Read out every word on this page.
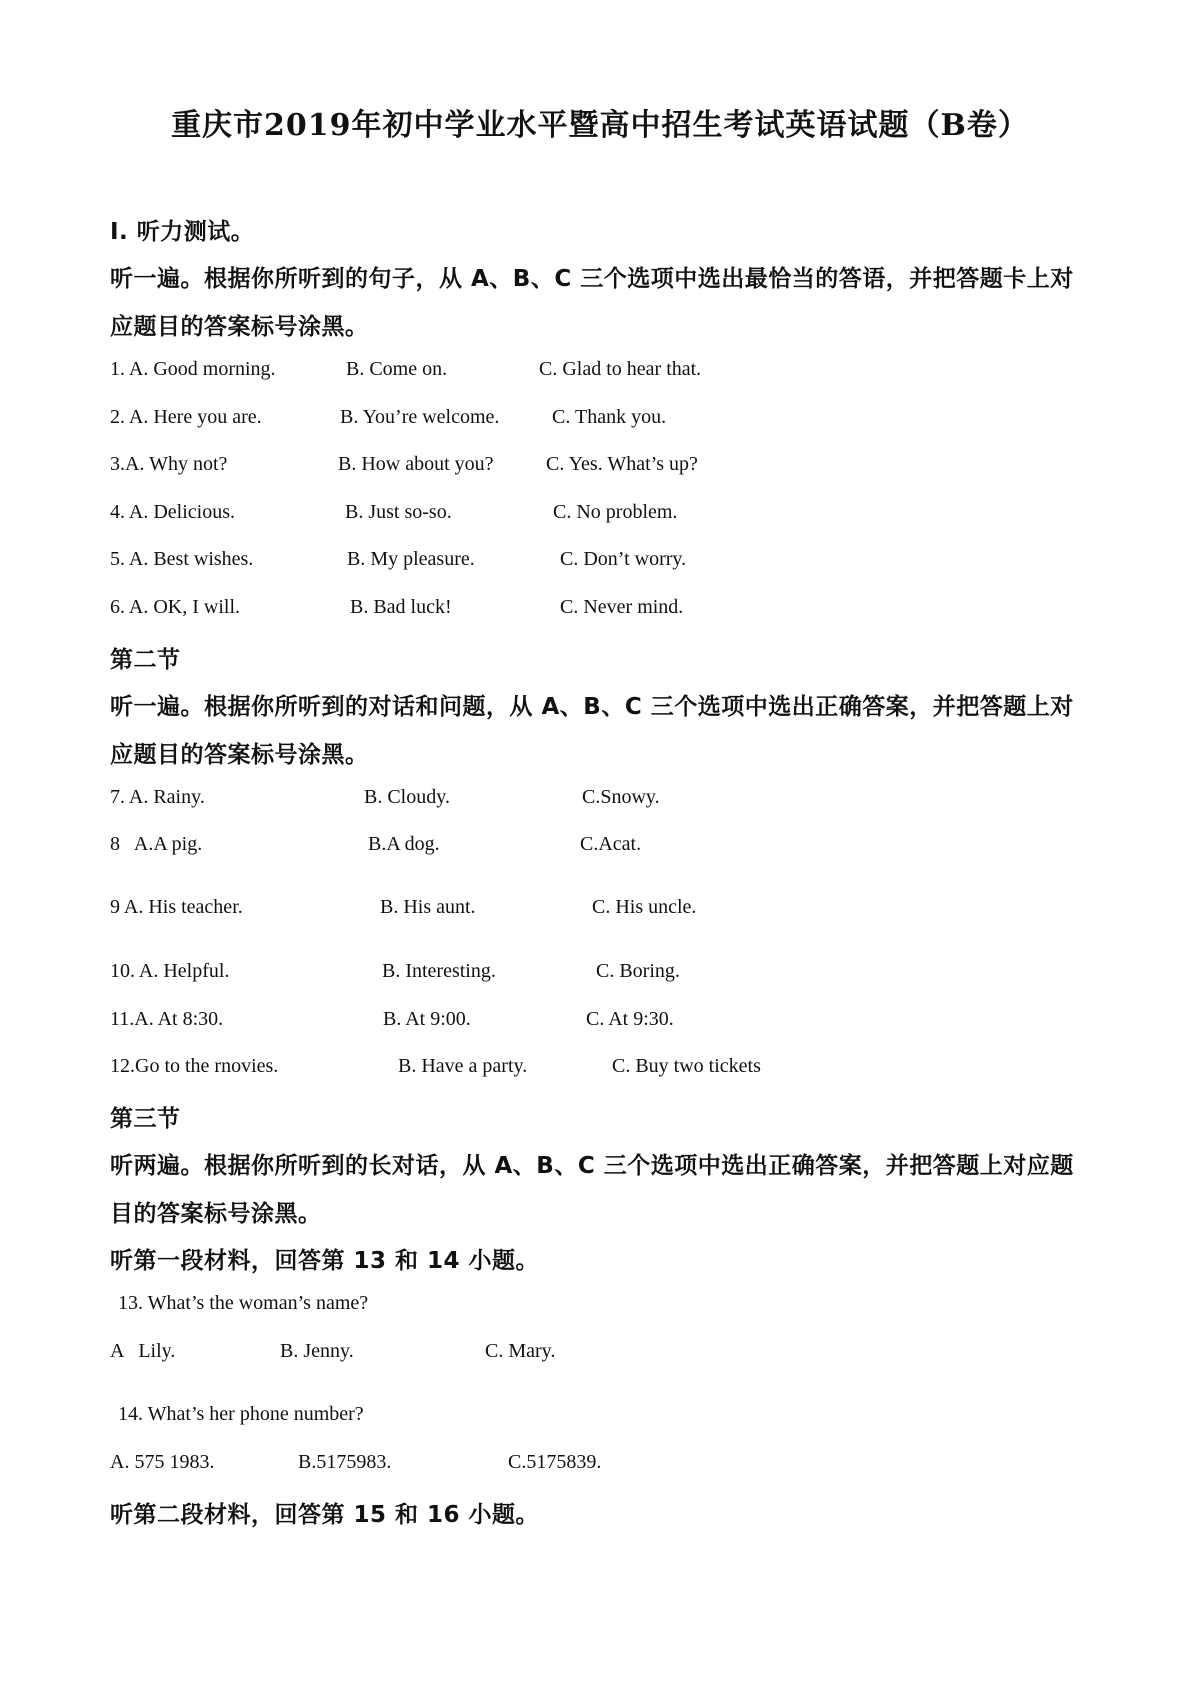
重庆市2019年初中学业水平暨高中招生考试英语试题（B卷）
I. 听力测试。
听一遍。根据你所听到的句子，从 A、B、C 三个选项中选出最恰当的答语，并把答题卡上对
应题目的答案标号涂黑。
1. A. Good morning.	B. Come on.	C. Glad to hear that.
2. A. Here you are.	B. You’re welcome.	C. Thank you.
3.A. Why not?	B. How about you?	C. Yes. What’s up?
4. A. Delicious.	B. Just so-so.	C. No problem.
5. A. Best wishes.	B. My pleasure.	C. Don’t worry.
6. A. OK, I will.	B. Bad luck!	C. Never mind.
第二节
听一遍。根据你所听到的对话和问题，从 A、B、C 三个选项中选出正确答案，并把答题上对
应题目的答案标号涂黑。
7. A. Rainy.	B. Cloudy.	C.Snowy.
8   A.A pig.	B.A dog.	C.Acat.
9 A. His teacher.	B. His aunt.	C. His uncle.
10. A. Helpful.	B. Interesting.	C. Boring.
11.A. At 8:30.	B. At 9:00.	C. At 9:30.
12.Go to the rnovies.	B. Have a party.	C. Buy two tickets
第三节
听两遍。根据你所听到的长对话，从 A、B、C 三个选项中选出正确答案，并把答题上对应题
目的答案标号涂黑。
听第一段材料，回答第 13 和 14 小题。
13. What’s the woman’s name?
A   Lily.	B. Jenny.	C. Mary.
14. What’s her phone number?
A. 575 1983.	B.5175983.	C.5175839.
听第二段材料，回答第 15 和 16 小题。
